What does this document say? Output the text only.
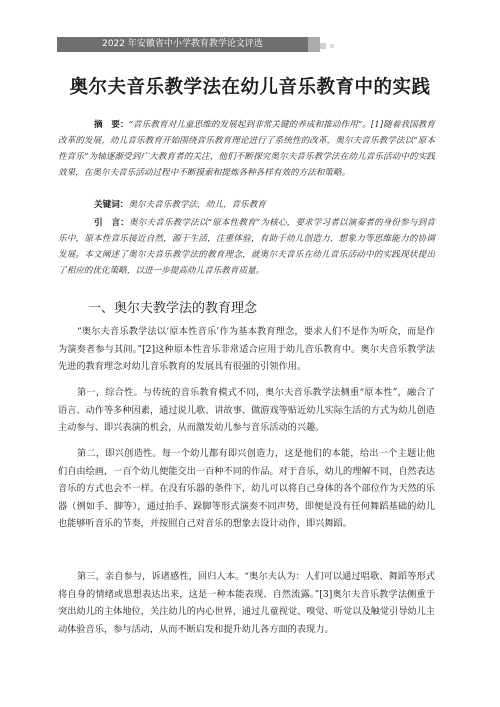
2022 年安徽省中小学教育教学论文评选
奥尔夫音乐教学法在幼儿音乐教育中的实践
摘　要：“音乐教育对儿童思维的发展起到非常关键的养成和推动作用”。[1]随着我国教育改革的发展，幼儿音乐教育开始围绕音乐教育理论进行了系统性的改革，奥尔夫音乐教学法以“原本性音乐”为轴逐渐受到广大教育者的关注，他们不断探究奥尔夫音乐教学法在幼儿音乐活动中的实践效果，在奥尔夫音乐活动过程中不断摸索和提炼各种各样有效的方法和策略。
关键词：奥尔夫音乐教学法，幼儿，音乐教育
引　言：奥尔夫音乐教学法以“原本性教育”为核心，要求学习者以演奏者的身份参与到音乐中，原本性音乐接近自然，源于生活，注重体验，有助于幼儿创造力、想象力等思维能力的协调发展。本文阐述了奥尔夫音乐教学法的教育理念，就奥尔夫音乐在幼儿音乐活动中的实践现状提出了相应的优化策略，以进一步提高幼儿音乐教育质量。
一、奥尔夫教学法的教育理念

“奥尔夫音乐教学法以‘原本性音乐’作为基本教育理念，要求人们不是作为听众，而是作为演奏者参与其间。”[2]这种原本性音乐非常适合应用于幼儿音乐教育中。奥尔夫音乐教学法先进的教育理念对幼儿音乐教育的发展具有很强的引领作用。

第一，综合性。与传统的音乐教育模式不同，奥尔夫音乐教学法侧重“原本性”，融合了语言、动作等多种因素，通过说儿歌、讲故事、做游戏等贴近幼儿实际生活的方式为幼儿创造主动参与、即兴表演的机会，从而激发幼儿参与音乐活动的兴趣。

第二，即兴创造性。每一个幼儿都有即兴创造力，这是他们的本能，给出一个主题让他们自由绘画，一百个幼儿便能交出一百种不同的作品。对于音乐，幼儿的理解不同，自然表达音乐的方式也会不一样。在没有乐器的条件下，幼儿可以将自己身体的各个部位作为天然的乐器（例如手、脚等），通过拍手、跺脚等形式演奏不同声势，即便是没有任何舞蹈基础的幼儿也能够听音乐的节奏，并按照自己对音乐的想象去设计动作，即兴舞蹈。

第三，亲自参与，诉诸感性，回归人本。“奥尔夫认为：人们可以通过唱歌、舞蹈等形式将自身的情绪或思想表达出来，这是一种本能表现、自然流露。”[3]奥尔夫音乐教学法侧重于突出幼儿的主体地位，关注幼儿的内心世界，通过儿童视觉、嗅觉、听觉以及触觉引导幼儿主动体验音乐，参与活动，从而不断启发和提升幼儿各方面的表现力。
